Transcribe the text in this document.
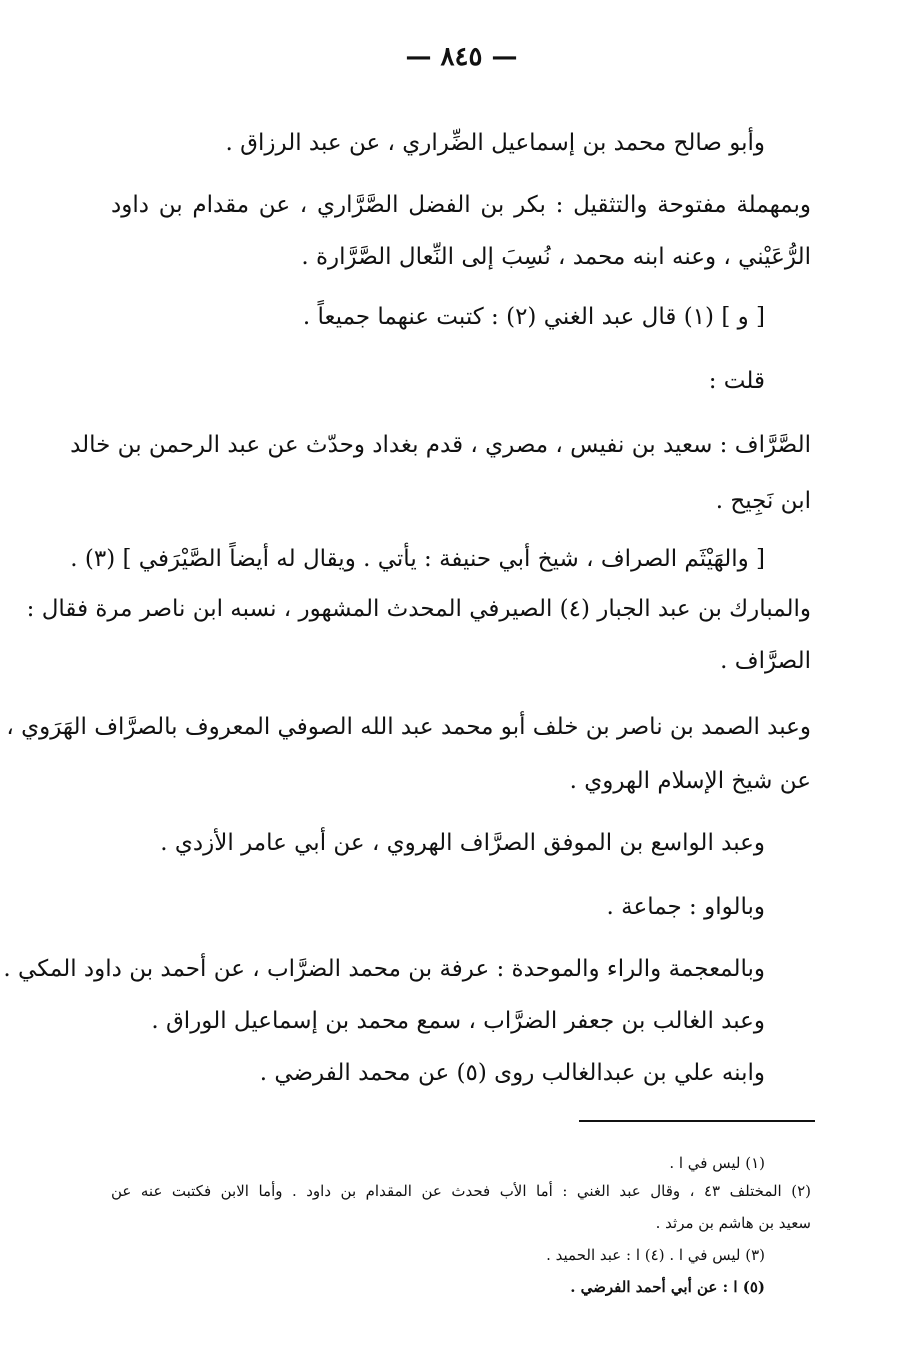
— ٨٤٥ —
وأبو صالح محمد بن إسماعيل الضِّراري ، عن عبد الرزاق .
وبمهملة مفتوحة والتثقيل : بكر بن الفضل الصَّرَّاري ، عن مقدام بن داود
الرُّعَيْني ، وعنه ابنه محمد ، نُسِبَ إلى النِّعال الصَّرَّارة .
[ و ] (١) قال عبد الغني (٢) : كتبت عنهما جميعاً .
قلت :
الصَّرَّاف : سعيد بن نفيس ، مصري ، قدم بغداد وحدّث عن عبد الرحمن بن خالد
ابن نَجِيح .
[ والهَيْثَم الصراف ، شيخ أبي حنيفة : يأتي . ويقال له أيضاً الصَّيْرَفي ] (٣) .
والمبارك بن عبد الجبار (٤) الصيرفي المحدث المشهور ، نسبه ابن ناصر مرة فقال :
الصرَّاف .
وعبد الصمد بن ناصر بن خلف أبو محمد عبد الله الصوفي المعروف بالصرَّاف الهَرَوي ،
عن شيخ الإسلام الهروي .
وعبد الواسع بن الموفق الصرَّاف الهروي ، عن أبي عامر الأزدي .
وبالواو : جماعة .
وبالمعجمة والراء والموحدة : عرفة بن محمد الضرَّاب ، عن أحمد بن داود المكي .
وعبد الغالب بن جعفر الضرَّاب ، سمع محمد بن إسماعيل الوراق .
وابنه علي بن عبدالغالب روى (٥) عن محمد الفرضي .
(١) ليس في ا .
(٢) المختلف ٤٣ ، وقال عبد الغني : أما الأب فحدث عن المقدام بن داود . وأما الابن فكتبت عنه عن
سعيد بن هاشم بن مرثد .
(٣) ليس في ا . (٤) ا : عبد الحميد .
(٥) ا : عن أبي أحمد الفرضي .
